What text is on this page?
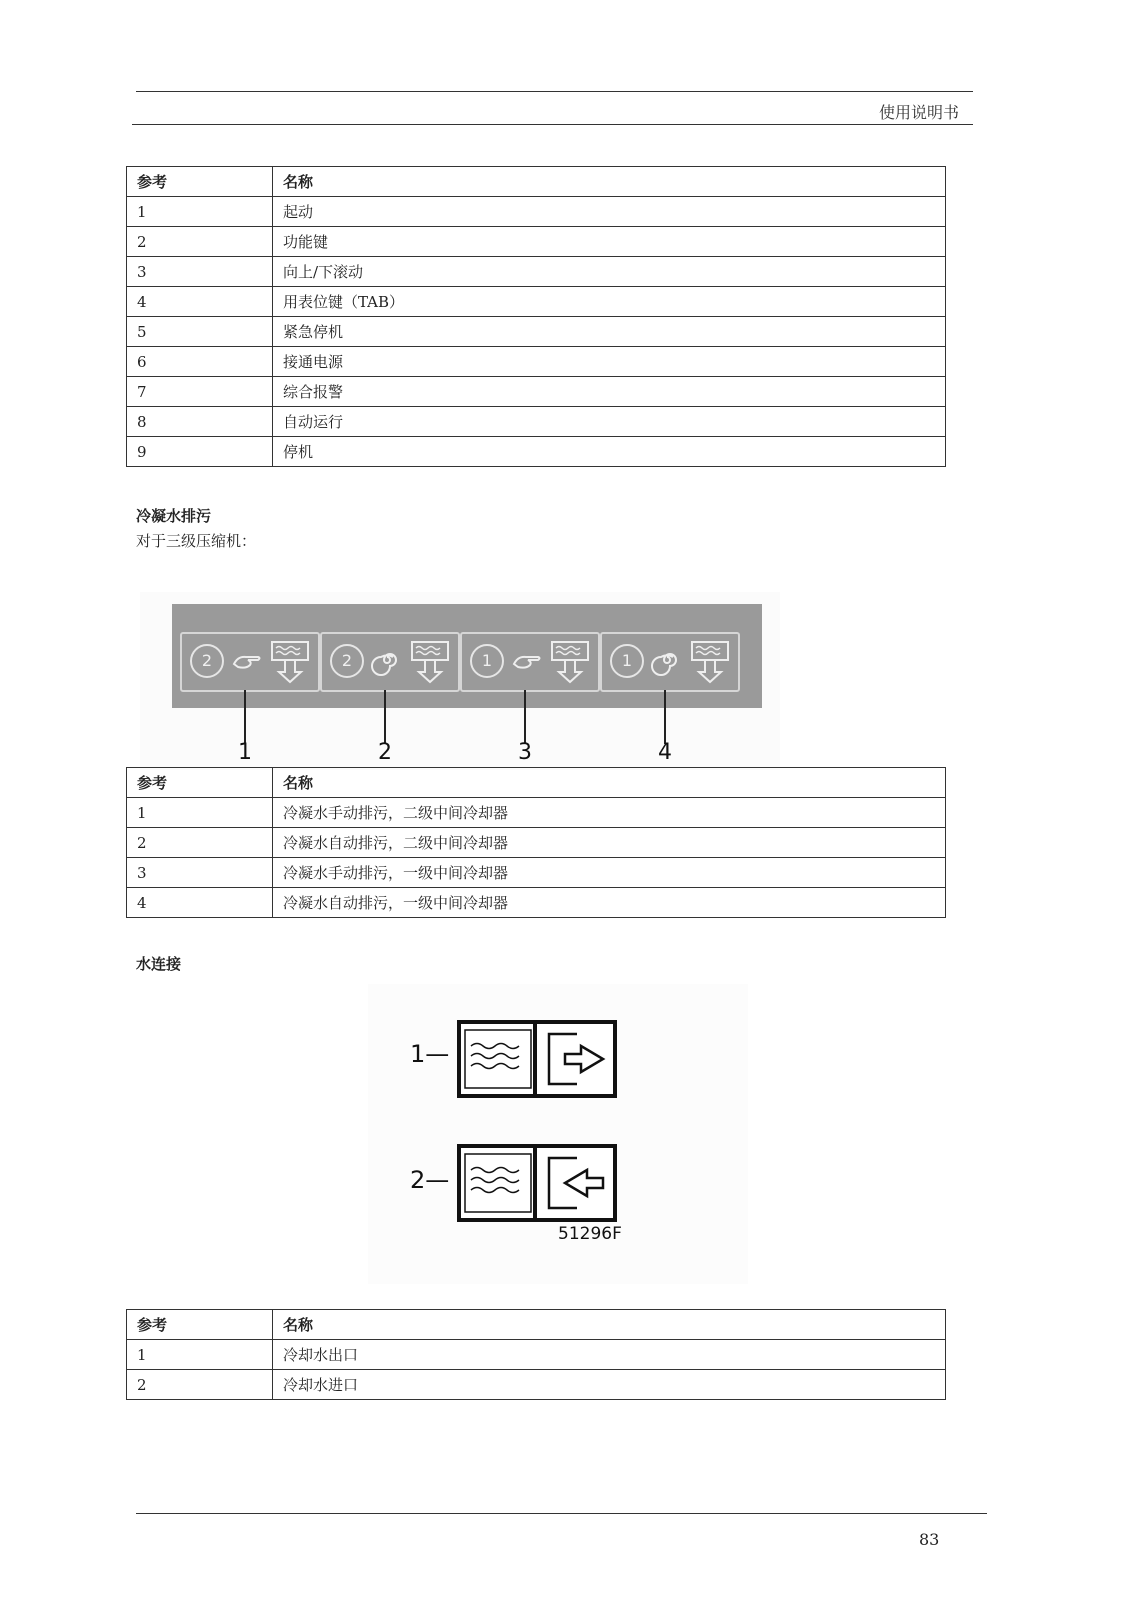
使用说明书
参考	名称
1	起动
2	功能键
3	向上/下滚动
4	用表位键（TAB）
5	紧急停机
6	接通电源
7	综合报警
8	自动运行
9	停机
冷凝水排污
对于三级压缩机：
2	2	1	1
1	2	3	4
参考	名称
1	冷凝水手动排污，二级中间冷却器
2	冷凝水自动排污，二级中间冷却器
3	冷凝水手动排污，一级中间冷却器
4	冷凝水自动排污，一级中间冷却器
水连接
1—
2—
51296F
参考	名称
1	冷却水出口
2	冷却水进口
83
